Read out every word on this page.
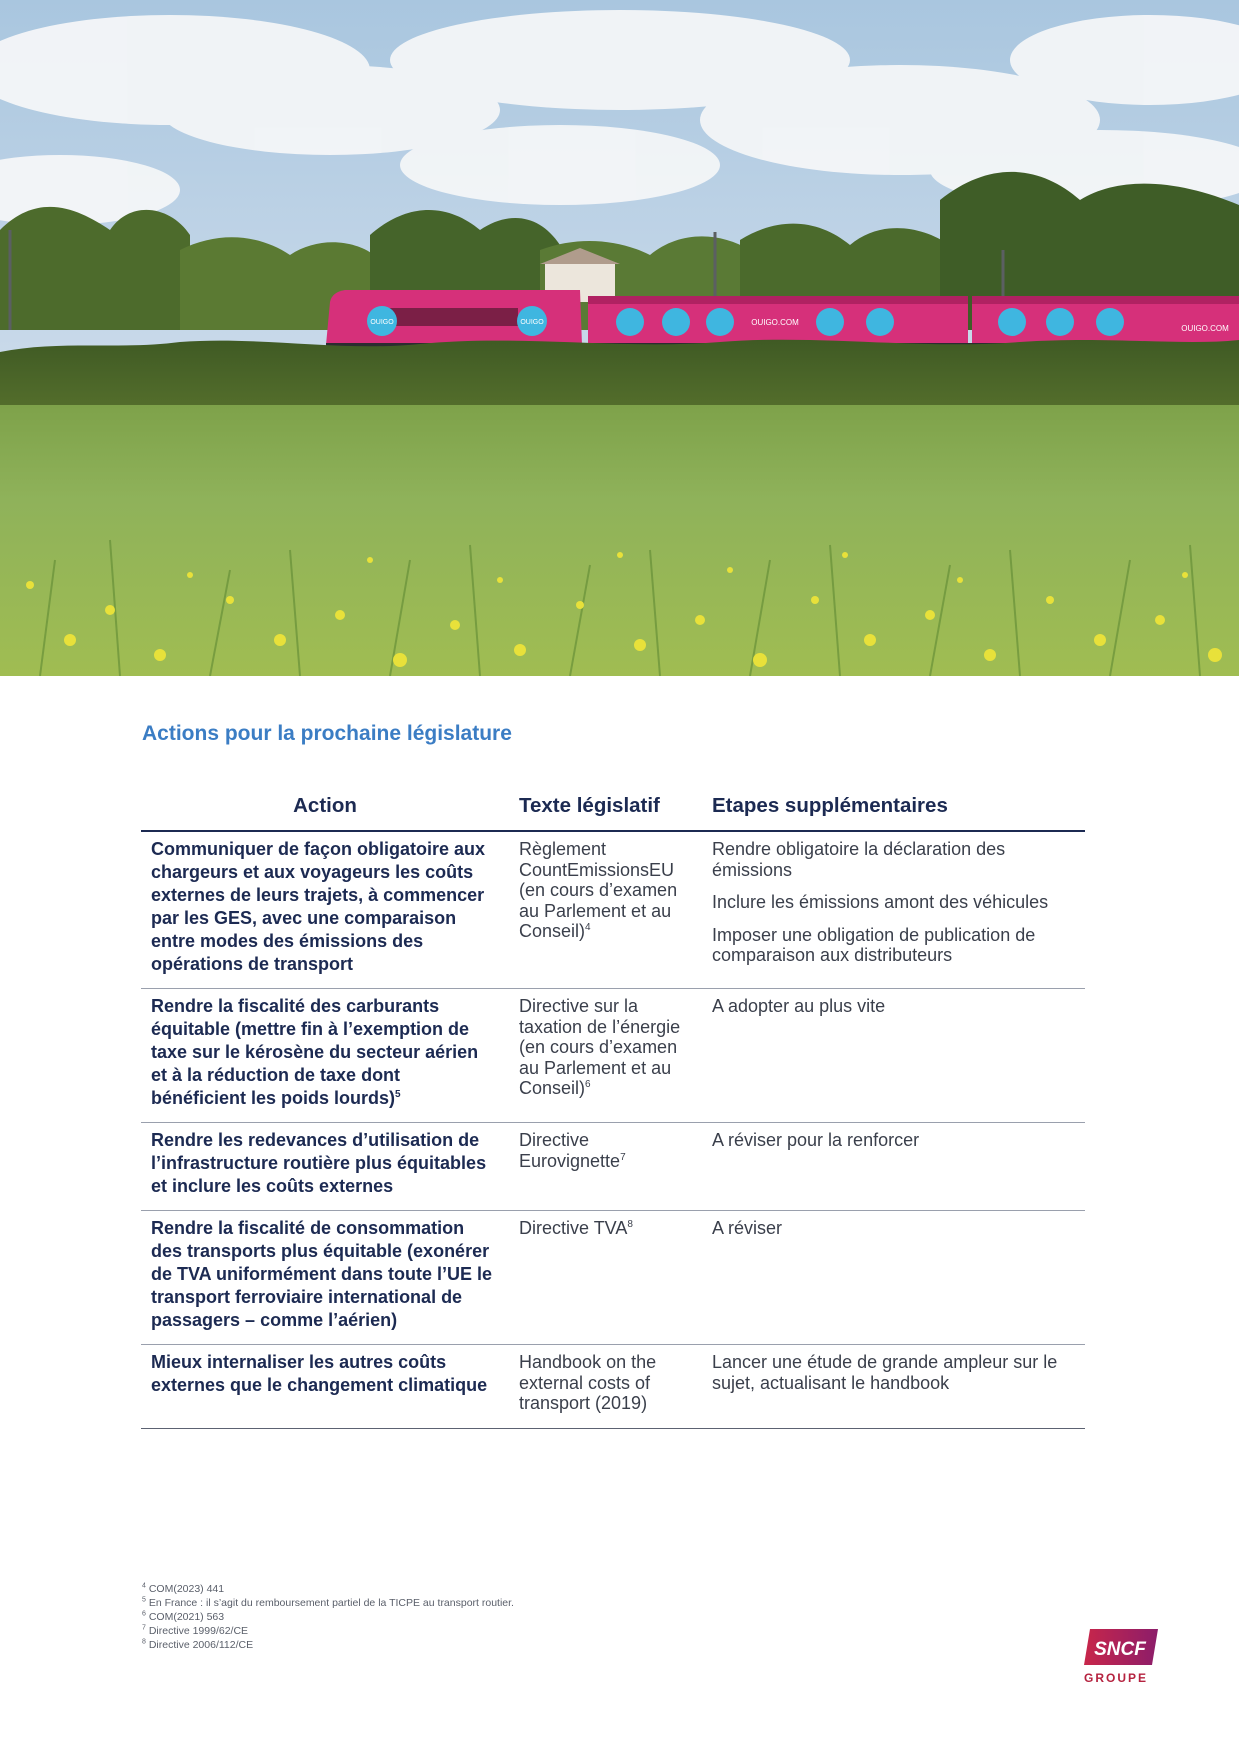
OUIGO	OUIGO	OUIGO.COM
OUIGO.COM
Actions pour la prochaine législature
Action	Texte législatif	Etapes supplémentaires
Communiquer de façon obligatoire aux chargeurs et aux voyageurs les coûts externes de leurs trajets, à commencer par les GES, avec une comparaison entre modes des émissions des opérations de transport	Règlement CountEmissionsEU (en cours d’examen au Parlement et au Conseil)$^4$	Rendre obligatoire la déclaration des émissions

Inclure les émissions amont des véhicules

Imposer une obligation de publication de comparaison aux distributeurs

Rendre la fiscalité des carburants équitable (mettre fin à l’exemption de taxe sur le kérosène du secteur aérien et à la réduction de taxe dont bénéficient les poids lourds)$^5$	Directive sur la taxation de l’énergie (en cours d’examen au Parlement et au Conseil)$^6$	A adopter au plus vite

Rendre les redevances d’utilisation de l’infrastructure routière plus équitables et inclure les coûts externes	Directive Eurovignette$^7$	A réviser pour la renforcer

Rendre la fiscalité de consommation des transports plus équitable (exonérer de TVA uniformément dans toute l’UE le transport ferroviaire international de passagers – comme l’aérien)	Directive TVA$^8$	A réviser

Mieux internaliser les autres coûts externes que le changement climatique	Handbook on the external costs of transport (2019)	Lancer une étude de grande ampleur sur le sujet, actualisant le handbook

$^4$ COM(2023) 441
$^5$ En France : il s’agit du remboursement partiel de la TICPE au transport routier.
$^6$ COM(2021) 563
$^7$ Directive 1999/62/CE
$^8$ Directive 2006/112/CE	SNCF
GROUPE
